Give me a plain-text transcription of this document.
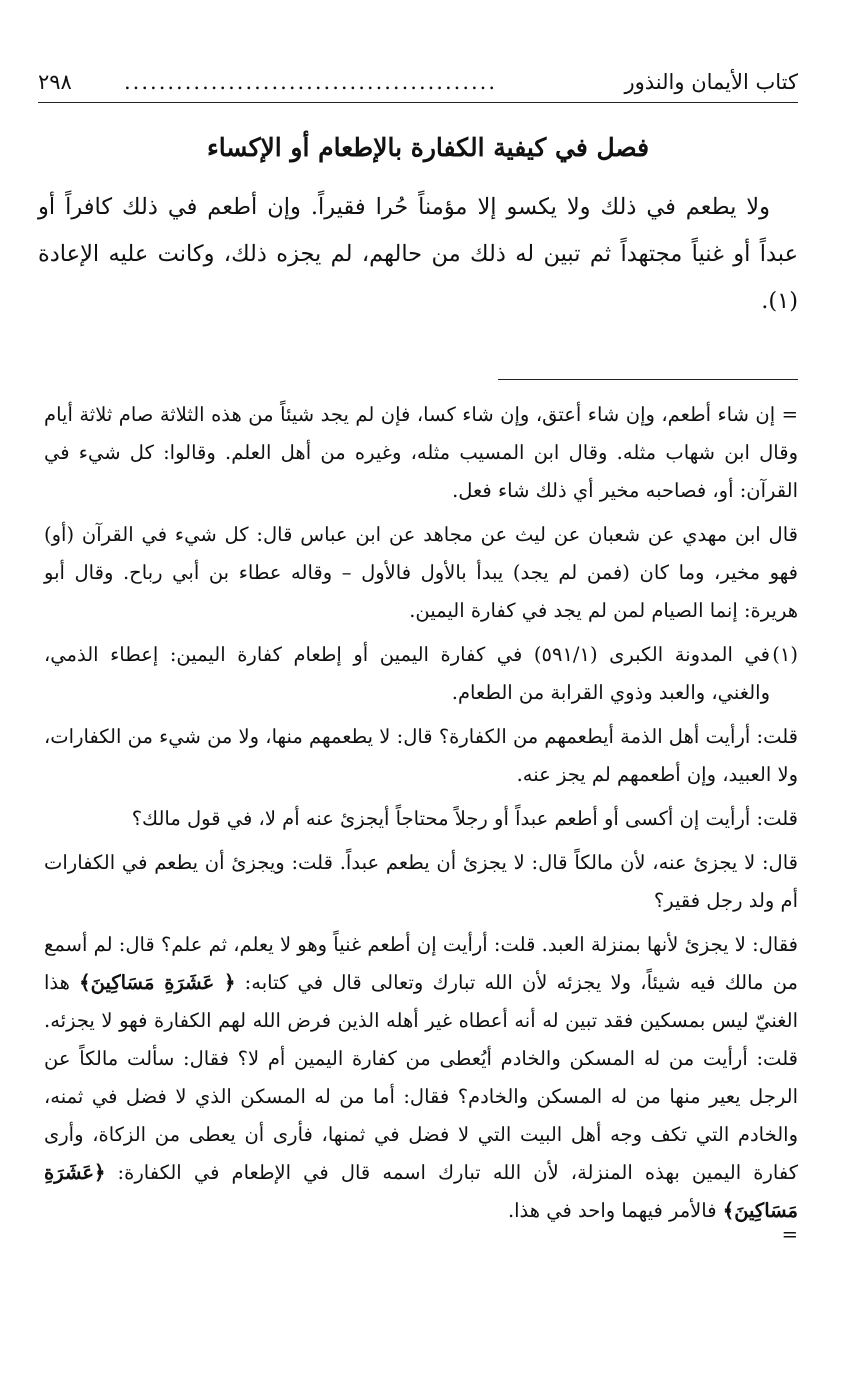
كتاب الأيمان والنذور
...........................................
٢٩٨
فصل في كيفية الكفارة بالإطعام أو الإكساء

ولا يطعم في ذلك ولا يكسو إلا مؤمناً حُرا فقيراً. وإن أطعم في ذلك كافراً أو عبداً أو غنياً مجتهداً ثم تبين له ذلك من حالهم، لم يجزه ذلك، وكانت عليه الإعادة (١).

= إن شاء أطعم، وإن شاء أعتق، وإن شاء كسا، فإن لم يجد شيئاً من هذه الثلاثة صام ثلاثة أيام وقال ابن شهاب مثله. وقال ابن المسيب مثله، وغيره من أهل العلم. وقالوا: كل شيء في القرآن: أو، فصاحبه مخير أي ذلك شاء فعل.

قال ابن مهدي عن شعبان عن ليث عن مجاهد عن ابن عباس قال: كل شيء في القرآن (أو) فهو مخير، وما كان (فمن لم يجد) يبدأ بالأول فالأول – وقاله عطاء بن أبي رباح. وقال أبو هريرة: إنما الصيام لمن لم يجد في كفارة اليمين.

(١)

في المدونة الكبرى (٥٩١/١) في كفارة اليمين أو إطعام كفارة اليمين: إعطاء الذمي، والغني، والعبد وذوي القرابة من الطعام.

قلت: أرأيت أهل الذمة أيطعمهم من الكفارة؟ قال: لا يطعمهم منها، ولا من شيء من الكفارات، ولا العبيد، وإن أطعمهم لم يجز عنه.

قلت: أرأيت إن أكسى أو أطعم عبداً أو رجلاً محتاجاً أيجزئ عنه أم لا، في قول مالك؟

قال: لا يجزئ عنه، لأن مالكاً قال: لا يجزئ أن يطعم عبداً. قلت: ويجزئ أن يطعم في الكفارات أم ولد رجل فقير؟

فقال: لا يجزئ لأنها بمنزلة العبد. قلت: أرأيت إن أطعم غنياً وهو لا يعلم، ثم علم؟ قال: لم أسمع من مالك فيه شيئاً، ولا يجزئه لأن الله تبارك وتعالى قال في كتابه: ﴿ عَشَرَةِ مَسَاكِينَ﴾ هذا الغنيّ ليس بمسكين فقد تبين له أنه أعطاه غير أهله الذين فرض الله لهم الكفارة فهو لا يجزئه. قلت: أرأيت من له المسكن والخادم أيُعطى من كفارة اليمين أم لا؟ فقال: سألت مالكاً عن الرجل يعير منها من له المسكن والخادم؟ فقال: أما من له المسكن الذي لا فضل في ثمنه، والخادم التي تكف وجه أهل البيت التي لا فضل في ثمنها، فأرى أن يعطى من الزكاة، وأرى كفارة اليمين بهذه المنزلة، لأن الله تبارك اسمه قال في الإطعام في الكفارة: ﴿عَشَرَةِ مَسَاكِينَ﴾ فالأمر فيهما واحد في هذا.

=
